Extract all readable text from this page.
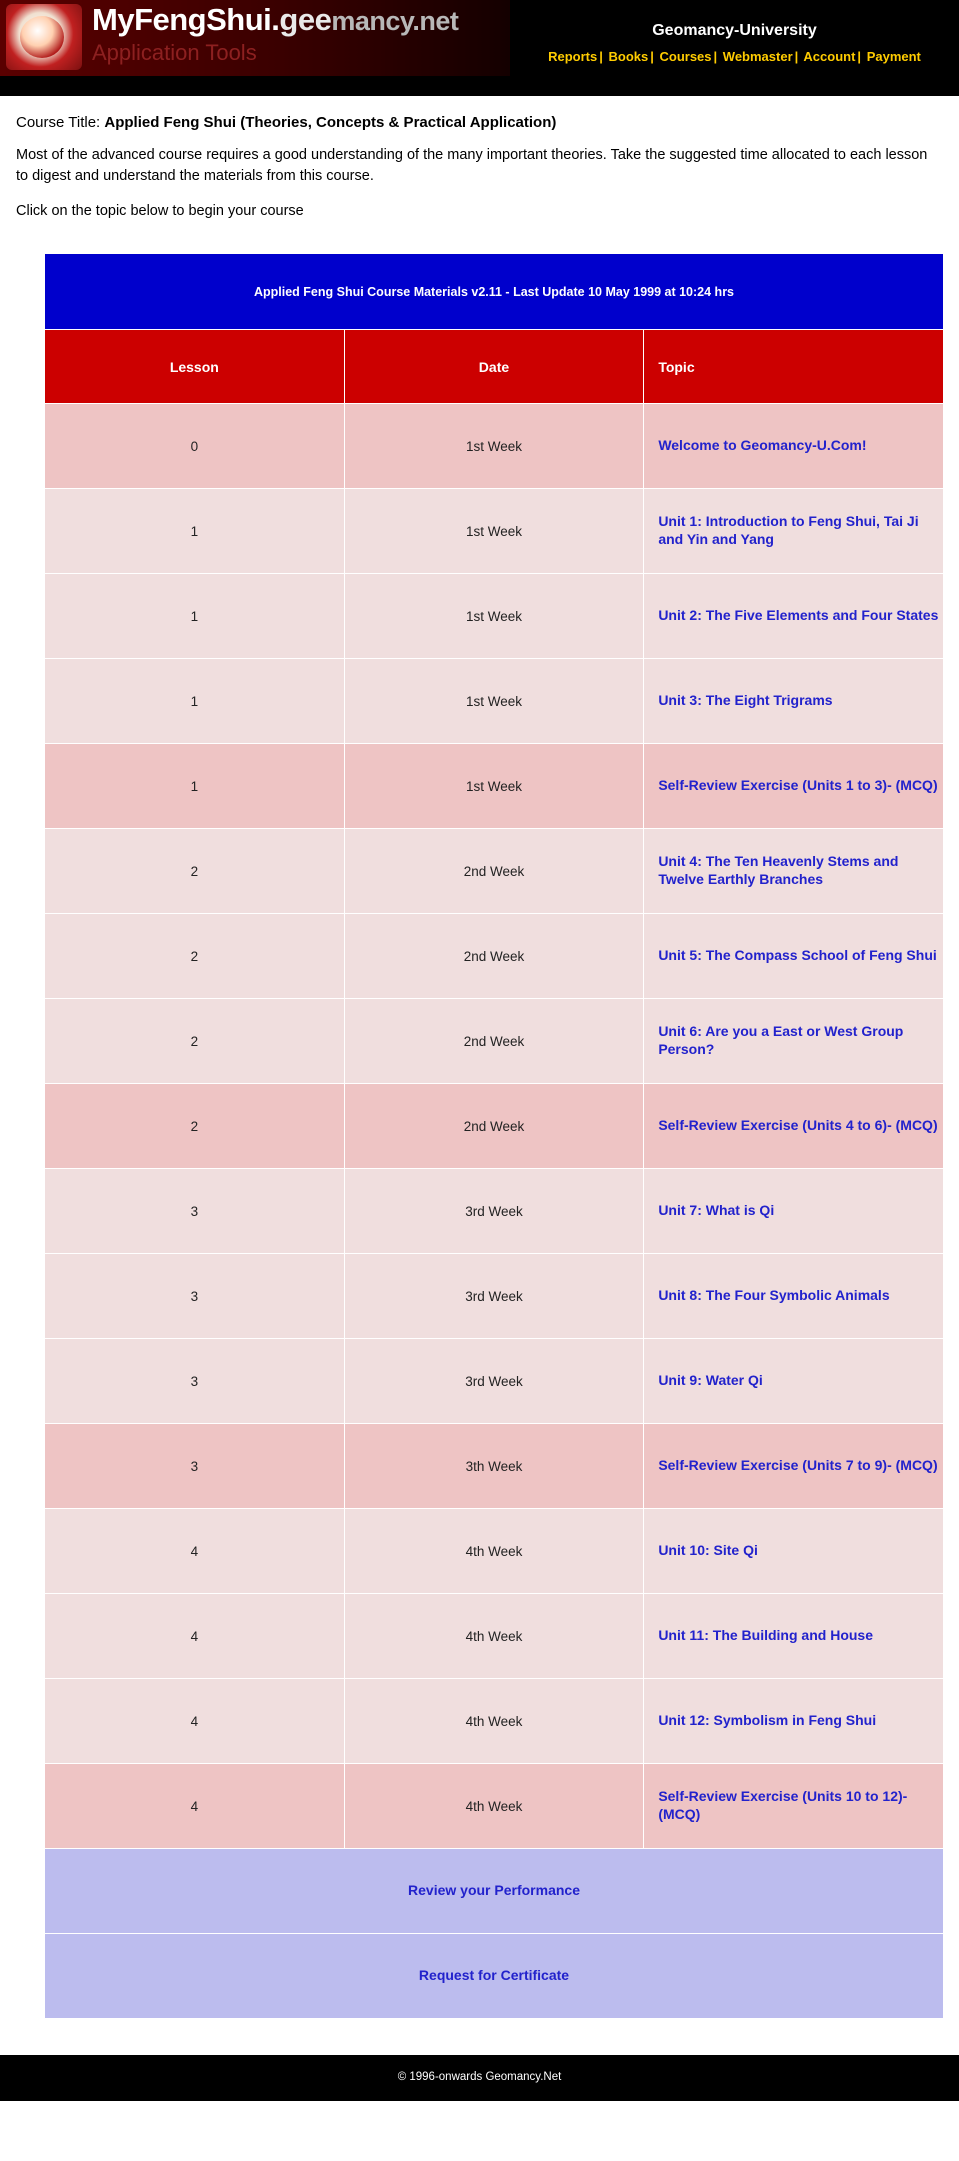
MyFengShui.geemancy.net
Application Tools
Geomancy-University
Reports | Books | Courses | Webmaster | Account | Payment

Course Title: Applied Feng Shui (Theories, Concepts & Practical Application)

Most of the advanced course requires a good understanding of the many important theories. Take the suggested time allocated to each lesson to digest and understand the materials from this course.

Click on the topic below to begin your course

Applied Feng Shui Course Materials v2.11 - Last Update 10 May 1999 at 10:24 hrs		
Lesson	Date	Topic
0	1st Week	Welcome to Geomancy-U.Com!
1	1st Week	Unit 1: Introduction to Feng Shui, Tai Ji and Yin and Yang
1	1st Week	Unit 2: The Five Elements and Four States
1	1st Week	Unit 3: The Eight Trigrams
1	1st Week	Self-Review Exercise (Units 1 to 3)- (MCQ)
2	2nd Week	Unit 4: The Ten Heavenly Stems and Twelve Earthly Branches
2	2nd Week	Unit 5: The Compass School of Feng Shui
2	2nd Week	Unit 6: Are you a East or West Group Person?
2	2nd Week	Self-Review Exercise (Units 4 to 6)- (MCQ)
3	3rd Week	Unit 7: What is Qi
3	3rd Week	Unit 8: The Four Symbolic Animals
3	3rd Week	Unit 9: Water Qi
3	3th Week	Self-Review Exercise (Units 7 to 9)- (MCQ)
4	4th Week	Unit 10: Site Qi
4	4th Week	Unit 11: The Building and House
4	4th Week	Unit 12: Symbolism in Feng Shui
4	4th Week	Self-Review Exercise (Units 10 to 12)- (MCQ)
Review your Performance		
Request for Certificate		
© 1996-onwards Geomancy.Net
